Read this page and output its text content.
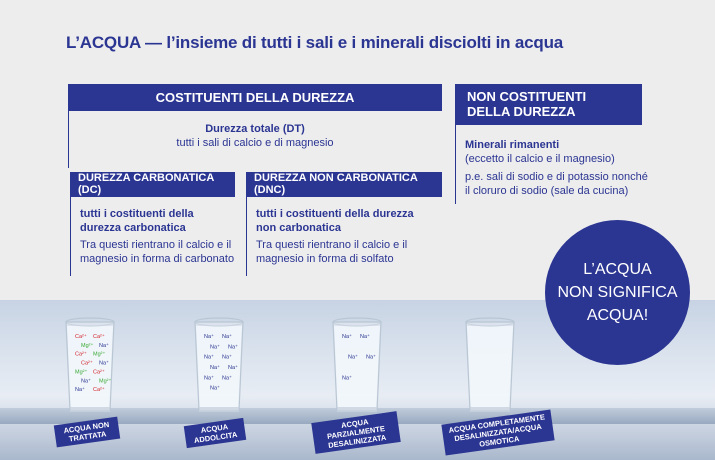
L’ACQUA — l’insieme di tutti i sali e i minerali disciolti in acqua
COSTITUENTI DELLA DUREZZA
Durezza totale (DT)
tutti i sali di calcio e di magnesio
NON COSTITUENTI
DELLA DUREZZA
Minerali rimanenti
(eccetto il calcio e il magnesio)
p.e. sali di sodio e di potassio nonché il cloruro di sodio (sale da cucina)
DUREZZA CARBONATICA (DC)
tutti i costituenti della durezza carbonatica
Tra questi rientrano il calcio e il magnesio in forma di carbonato
DUREZZA NON CARBONATICA (DNC)
tutti i costituenti della durezza non carbonatica
Tra questi rientrano il calcio e il magnesio in forma di solfato
L’ACQUA
NON SIGNIFICA
ACQUA!
Ca²⁺ Ca²⁺
Mg²⁺ Na⁺
Ca²⁺ Mg²⁺
Ca²⁺ Na⁺
Mg²⁺ Ca²⁺
Na⁺ Mg²⁺
Na⁺ Ca²⁺
Na⁺ Na⁺
Na⁺ Na⁺
Na⁺ Na⁺
Na⁺ Na⁺
Na⁺ Na⁺
Na⁺
Na⁺ Na⁺
Na⁺ Na⁺
Na⁺
ACQUA NON
TRATTATA
ACQUA
ADDOLCITA
ACQUA PARZIALMENTE
DESALINIZZATA
ACQUA COMPLETAMENTE
DESALINIZZATA/ACQUA
OSMOTICA
